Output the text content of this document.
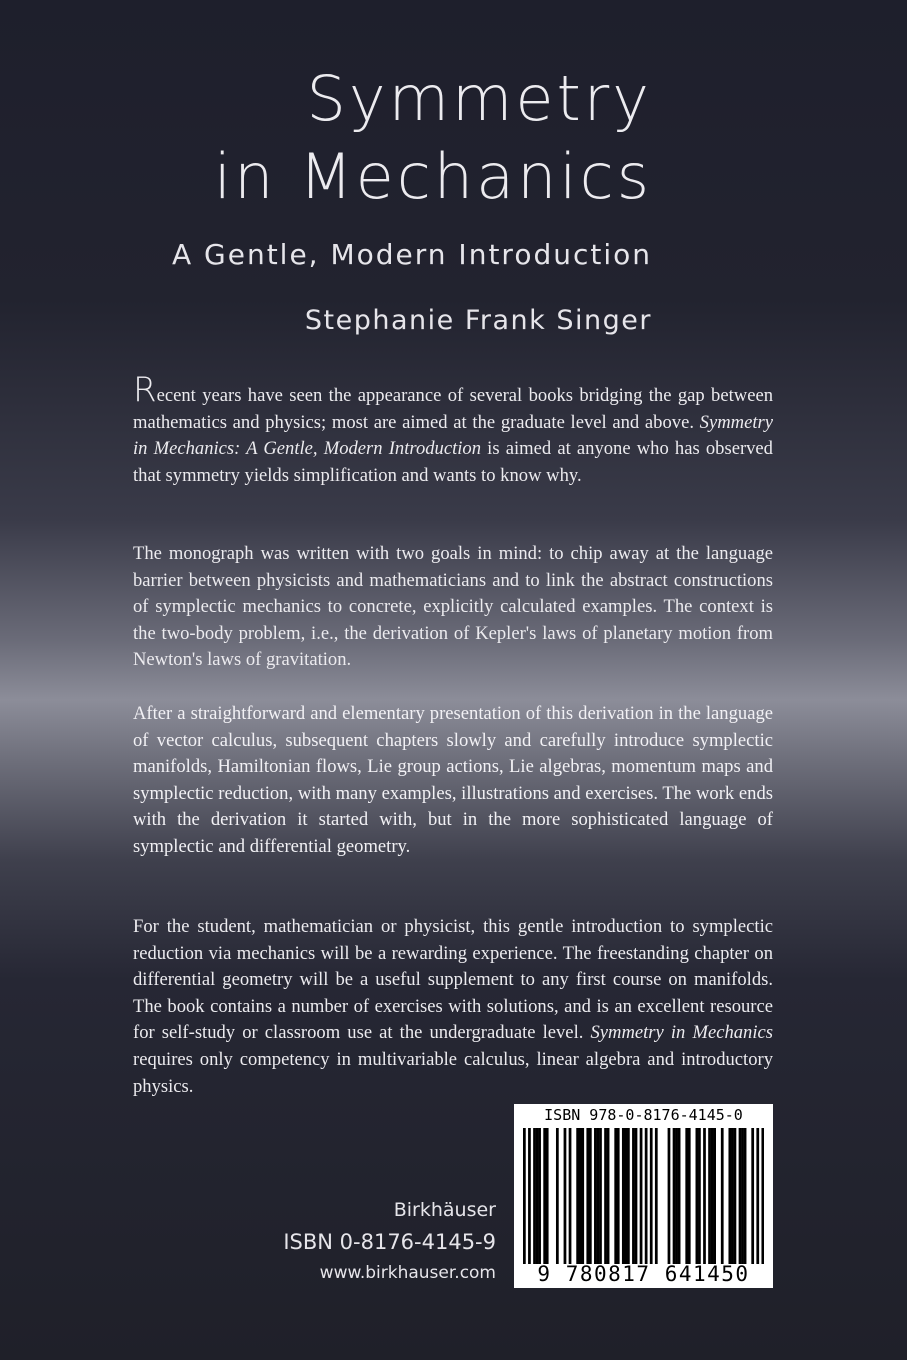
Symmetry
in Mechanics
A Gentle, Modern Introduction
Stephanie Frank Singer

Recent years have seen the appearance of several books bridging the gap between mathematics and physics; most are aimed at the graduate level and above. Symmetry in Mechanics: A Gentle, Modern Introduction is aimed at anyone who has observed that symmetry yields simplification and wants to know why.

The monograph was written with two goals in mind: to chip away at the language barrier between physicists and mathematicians and to link the abstract constructions of symplectic mechanics to concrete, explicitly calculated examples. The context is the two-body problem, i.e., the derivation of Kepler's laws of planetary motion from Newton's laws of gravitation.

After a straightforward and elementary presentation of this derivation in the language of vector calculus, subsequent chapters slowly and carefully introduce symplectic manifolds, Hamiltonian flows, Lie group actions, Lie algebras, momentum maps and symplectic reduction, with many examples, illustrations and exercises. The work ends with the derivation it started with, but in the more sophisticated language of symplectic and differential geometry.

For the student, mathematician or physicist, this gentle introduction to symplectic reduction via mechanics will be a rewarding experience. The freestanding chapter on differential geometry will be a useful supplement to any first course on manifolds. The book contains a number of exercises with solutions, and is an excellent resource for self-study or classroom use at the undergraduate level. Symmetry in Mechanics requires only competency in multivariable calculus, linear algebra and introductory physics.

Birkhäuser
ISBN 0-8176-4145-9
www.birkhauser.com
ISBN 978-0-8176-4145-0
9 780817 641450
